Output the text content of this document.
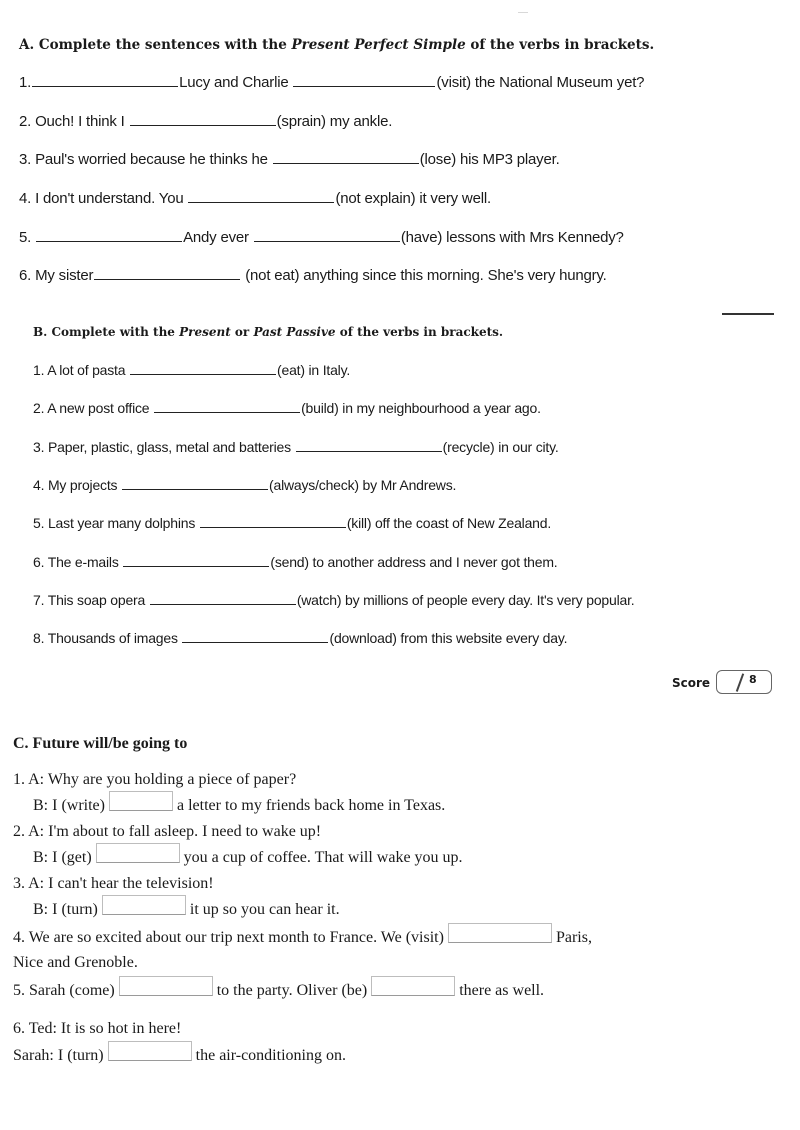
A. Complete the sentences with the Present Perfect Simple of the verbs in brackets.

1.	Lucy and Charlie	(visit) the National Museum yet?
2. Ouch! I think I	(sprain) my ankle.
3. Paul's worried because he thinks he	(lose) his MP3 player.
4. I don't understand. You	(not explain) it very well.
5.	Andy ever	(have) lessons with Mrs Kennedy?
6. My sister	(not eat) anything since this morning. She's very hungry.

B. Complete with the Present or Past Passive of the verbs in brackets.

1. A lot of pasta	(eat) in Italy.
2. A new post office	(build) in my neighbourhood a year ago.
3. Paper, plastic, glass, metal and batteries	(recycle) in our city.
4. My projects	(always/check) by Mr Andrews.
5. Last year many dolphins	(kill) off the coast of New Zealand.
6. The e-mails	(send) to another address and I never got them.
7. This soap opera	(watch) by millions of people every day. It's very popular.
8. Thousands of images	(download) from this website every day.
Score	8

C. Future will/be going to

1. A: Why are you holding a piece of paper?
B: I (write)	a letter to my friends back home in Texas.
2. A: I'm about to fall asleep. I need to wake up!
B: I (get)	you a cup of coffee. That will wake you up.
3. A: I can't hear the television!
B: I (turn)	it up so you can hear it.
4. We are so excited about our trip next month to France. We (visit)	Paris,
Nice and Grenoble.
5. Sarah (come)	to the party. Oliver (be)	there as well.
6. Ted: It is so hot in here!
Sarah: I (turn)	the air-conditioning on.
